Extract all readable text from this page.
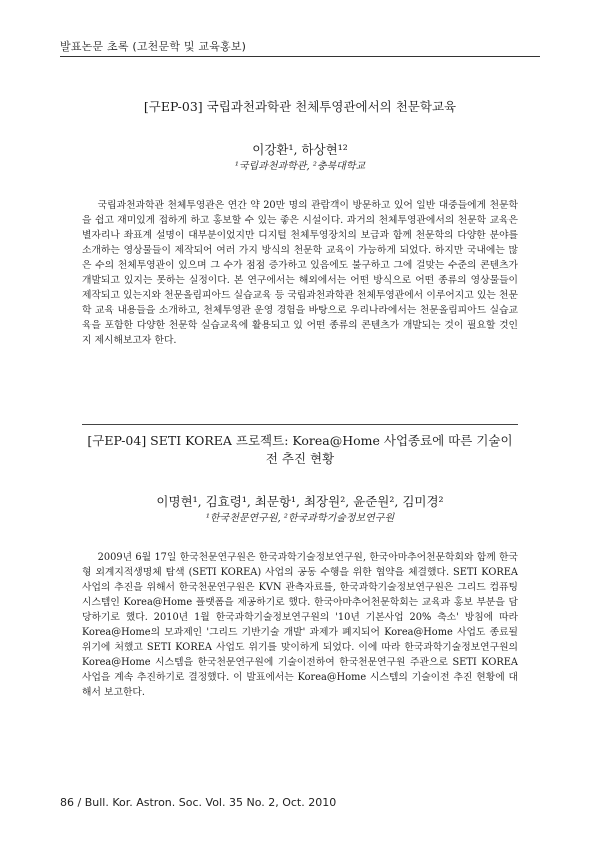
발표논문 초록 (고천문학 및 교육홍보)

[구EP-03] 국립과천과학관 천체투영관에서의 천문학교육

이강환¹, 하상현¹²

¹국립과천과학관, ²충북대학교

국립과천과학관 천체투영관은 연간 약 20만 명의 관람객이 방문하고 있어 일반 대중들에게 천문학을 쉽고 재미있게 접하게 하고 홍보할 수 있는 좋은 시설이다. 과거의 천체투영관에서의 천문학 교육은 별자리나 좌표계 설명이 대부분이었지만 디지털 천체투영장치의 보급과 함께 천문학의 다양한 분야를 소개하는 영상물들이 제작되어 여러 가지 방식의 천문학 교육이 가능하게 되었다. 하지만 국내에는 많은 수의 천체투영관이 있으며 그 수가 점점 증가하고 있음에도 불구하고 그에 걸맞는 수준의 콘텐츠가 개발되고 있지는 못하는 실정이다. 본 연구에서는 해외에서는 어떤 방식으로 어떤 종류의 영상물들이 제작되고 있는지와 천문올림피아드 실습교육 등 국립과천과학관 천체투영관에서 이루어지고 있는 천문학 교육 내용들을 소개하고, 천체투영관 운영 경험을 바탕으로 우리나라에서는 천문올림피아드 실습교육을 포함한 다양한 천문학 실습교육에 활용되고 있 어떤 종류의 콘텐츠가 개발되는 것이 필요할 것인지 제시해보고자 한다.

[구EP-04] SETI KOREA 프로젝트: Korea@Home 사업종료에 따른 기술이전 추진 현황

이명현¹, 김효령¹, 최문항¹, 최장원², 윤준원², 김미경²

¹한국천문연구원, ²한국과학기술정보연구원

2009년 6월 17일 한국천문연구원은 한국과학기술정보연구원, 한국아마추어천문학회와 함께 한국형 외계지적생명체 탐색 (SETI KOREA) 사업의 공동 수행을 위한 협약을 체결했다. SETI KOREA 사업의 추진을 위해서 한국천문연구원은 KVN 관측자료를, 한국과학기술정보연구원은 그리드 컴퓨팅 시스템인 Korea@Home 플랫폼을 제공하기로 했다. 한국아마추어천문학회는 교육과 홍보 부분을 담당하기로 했다. 2010년 1월 한국과학기술정보연구원의 '10년 기본사업 20% 축소' 방침에 따라 Korea@Home의 모과제인 '그리드 기반기술 개발' 과제가 폐지되어 Korea@Home 사업도 종료될 위기에 처했고 SETI KOREA 사업도 위기를 맞이하게 되었다. 이에 따라 한국과학기술정보연구원의 Korea@Home 시스템을 한국천문연구원에 기술이전하여 한국천문연구원 주관으로 SETI KOREA 사업을 계속 추진하기로 결정했다. 이 발표에서는 Korea@Home 시스템의 기술이전 추진 현황에 대해서 보고한다.

86 / Bull. Kor. Astron. Soc. Vol. 35 No. 2, Oct. 2010
